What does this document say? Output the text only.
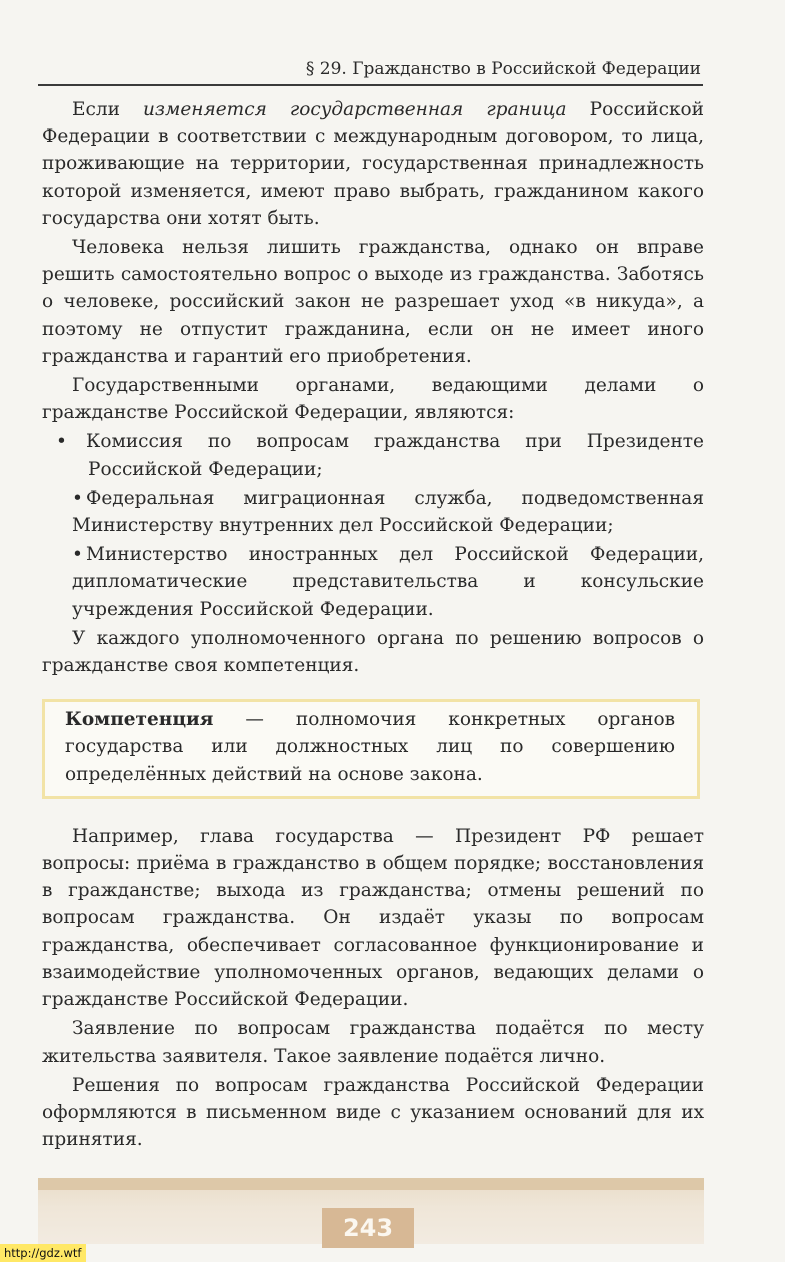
§ 29. Гражданство в Российской Федерации

Если изменяется государственная граница Российской Федерации в соответствии с международным договором, то лица, проживающие на территории, государственная принадлежность которой изменяется, имеют право выбрать, гражданином какого государства они хотят быть.

Человека нельзя лишить гражданства, однако он вправе решить самостоятельно вопрос о выходе из гражданства. Заботясь о человеке, российский закон не разрешает уход «в никуда», а поэтому не отпустит гражданина, если он не имеет иного гражданства и гарантий его приобретения.

Государственными органами, ведающими делами о гражданстве Российской Федерации, являются:

• Комиссия по вопросам гражданства при Президенте Российской Федерации;

• Федеральная миграционная служба, подведомственная Министерству внутренних дел Российской Федерации;

• Министерство иностранных дел Российской Федерации, дипломатические представительства и консульские учреждения Российской Федерации.

У каждого уполномоченного органа по решению вопросов о гражданстве своя компетенция.

Компетенция — полномочия конкретных органов государства или должностных лиц по совершению определённых действий на основе закона.

Например, глава государства — Президент РФ решает вопросы: приёма в гражданство в общем порядке; восстановления в гражданстве; выхода из гражданства; отмены решений по вопросам гражданства. Он издаёт указы по вопросам гражданства, обеспечивает согласованное функционирование и взаимодействие уполномоченных органов, ведающих делами о гражданстве Российской Федерации.

Заявление по вопросам гражданства подаётся по месту жительства заявителя. Такое заявление подаётся лично.

Решения по вопросам гражданства Российской Федерации оформляются в письменном виде с указанием оснований для их принятия.

243
http://gdz.wtf
